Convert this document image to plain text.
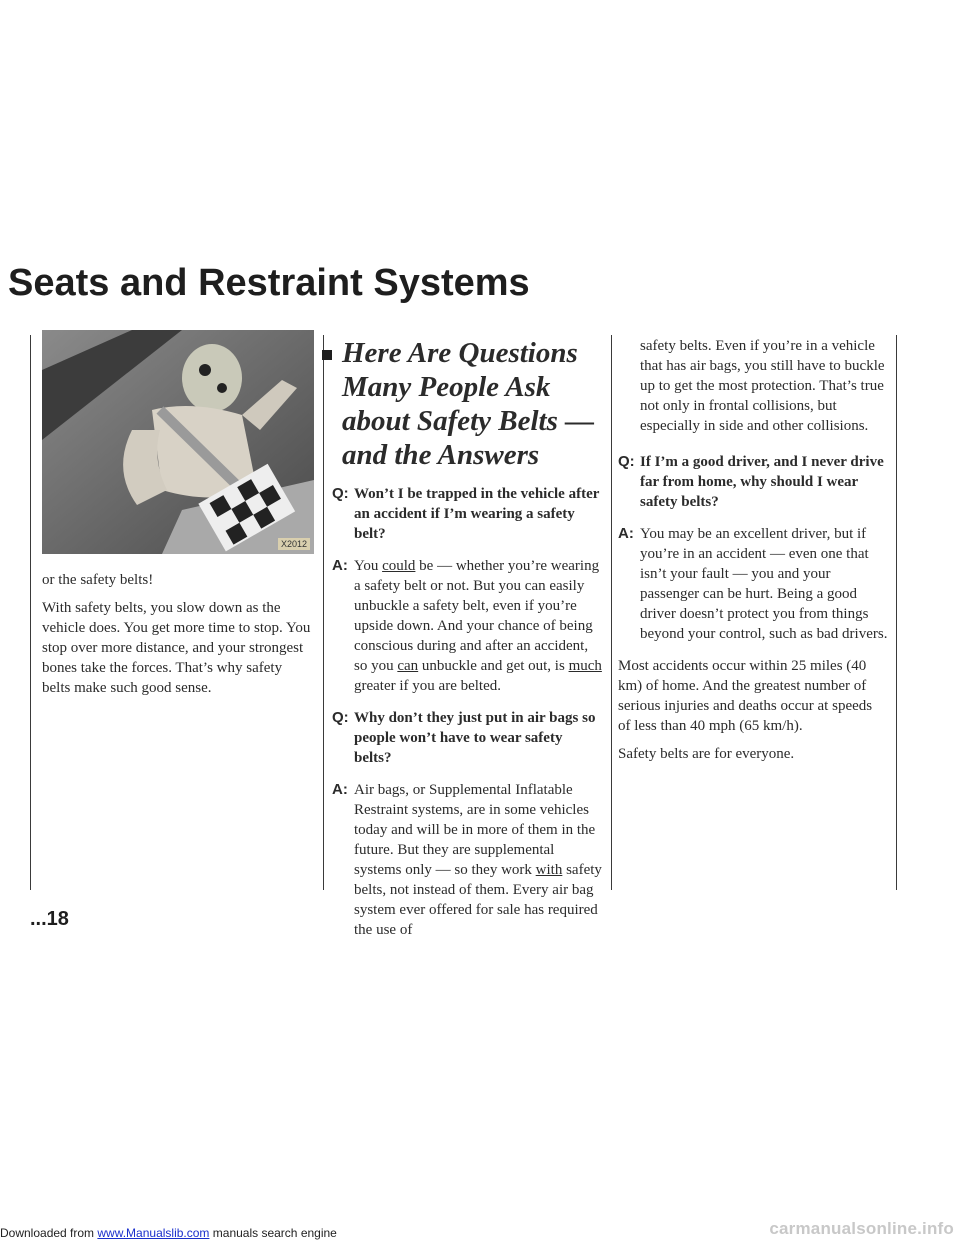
Seats and Restraint Systems
X2012

or the safety belts!

With safety belts, you slow down as the vehicle does. You get more time to stop. You stop over more distance, and your strongest bones take the forces. That’s why safety belts make such good sense.

Here Are Questions Many People Ask about Safety Belts — and the Answers
Q: Won’t I be trapped in the vehicle after an accident if I’m wearing a safety belt?
A: You could be — whether you’re wearing a safety belt or not. But you can easily unbuckle a safety belt, even if you’re upside down. And your chance of being conscious during and after an accident, so you can unbuckle and get out, is much greater if you are belted.
Q: Why don’t they just put in air bags so people won’t have to wear safety belts?
A: Air bags, or Supplemental Inflatable Restraint systems, are in some vehicles today and will be in more of them in the future. But they are supplemental systems only — so they work with safety belts, not instead of them. Every air bag system ever offered for sale has required the use of

safety belts. Even if you’re in a vehicle that has air bags, you still have to buckle up to get the most protection. That’s true not only in frontal collisions, but especially in side and other collisions.

Q: If I’m a good driver, and I never drive far from home, why should I wear safety belts?
A: You may be an excellent driver, but if you’re in an accident — even one that isn’t your fault — you and your passenger can be hurt. Being a good driver doesn’t protect you from things beyond your control, such as bad drivers.

Most accidents occur within 25 miles (40 km) of home. And the greatest number of serious injuries and deaths occur at speeds of less than 40 mph (65 km/h).

Safety belts are for everyone.

...18
Downloaded from www.Manualslib.com manuals search engine	carmanualsonline.info
